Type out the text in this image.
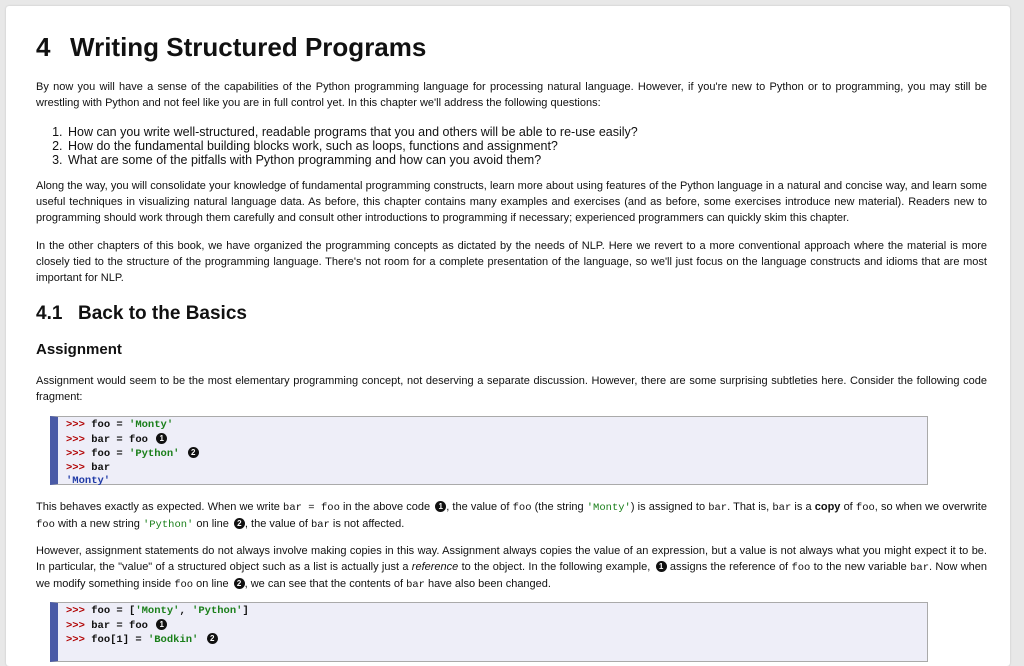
4 Writing Structured Programs

By now you will have a sense of the capabilities of the Python programming language for processing natural language. However, if you're new to Python or to programming, you may still be wrestling with Python and not feel like you are in full control yet. In this chapter we'll address the following questions:

1. How can you write well-structured, readable programs that you and others will be able to re-use easily?
2. How do the fundamental building blocks work, such as loops, functions and assignment?
3. What are some of the pitfalls with Python programming and how can you avoid them?

Along the way, you will consolidate your knowledge of fundamental programming constructs, learn more about using features of the Python language in a natural and concise way, and learn some useful techniques in visualizing natural language data. As before, this chapter contains many examples and exercises (and as before, some exercises introduce new material). Readers new to programming should work through them carefully and consult other introductions to programming if necessary; experienced programmers can quickly skim this chapter.

In the other chapters of this book, we have organized the programming concepts as dictated by the needs of NLP. Here we revert to a more conventional approach where the material is more closely tied to the structure of the programming language. There's not room for a complete presentation of the language, so we'll just focus on the language constructs and idioms that are most important for NLP.

4.1 Back to the Basics
Assignment

Assignment would seem to be the most elementary programming concept, not deserving a separate discussion. However, there are some surprising subtleties here. Consider the following code fragment:

>>> foo = 'Monty'
>>> bar = foo 1
>>> foo = 'Python' 2
>>> bar
'Monty'

This behaves exactly as expected. When we write bar = foo in the above code 1 , the value of foo (the string 'Monty') is assigned to bar. That is, bar is a copy of foo, so when we overwrite foo with a new string 'Python' on line 2 , the value of bar is not affected.

However, assignment statements do not always involve making copies in this way. Assignment always copies the value of an expression, but a value is not always what you might expect it to be. In particular, the "value" of a structured object such as a list is actually just a reference to the object. In the following example, 1 assigns the reference of foo to the new variable bar. Now when we modify something inside foo on line 2 , we can see that the contents of bar have also been changed.

>>> foo = ['Monty', 'Python']
>>> bar = foo 1
>>> foo[1] = 'Bodkin' 2
